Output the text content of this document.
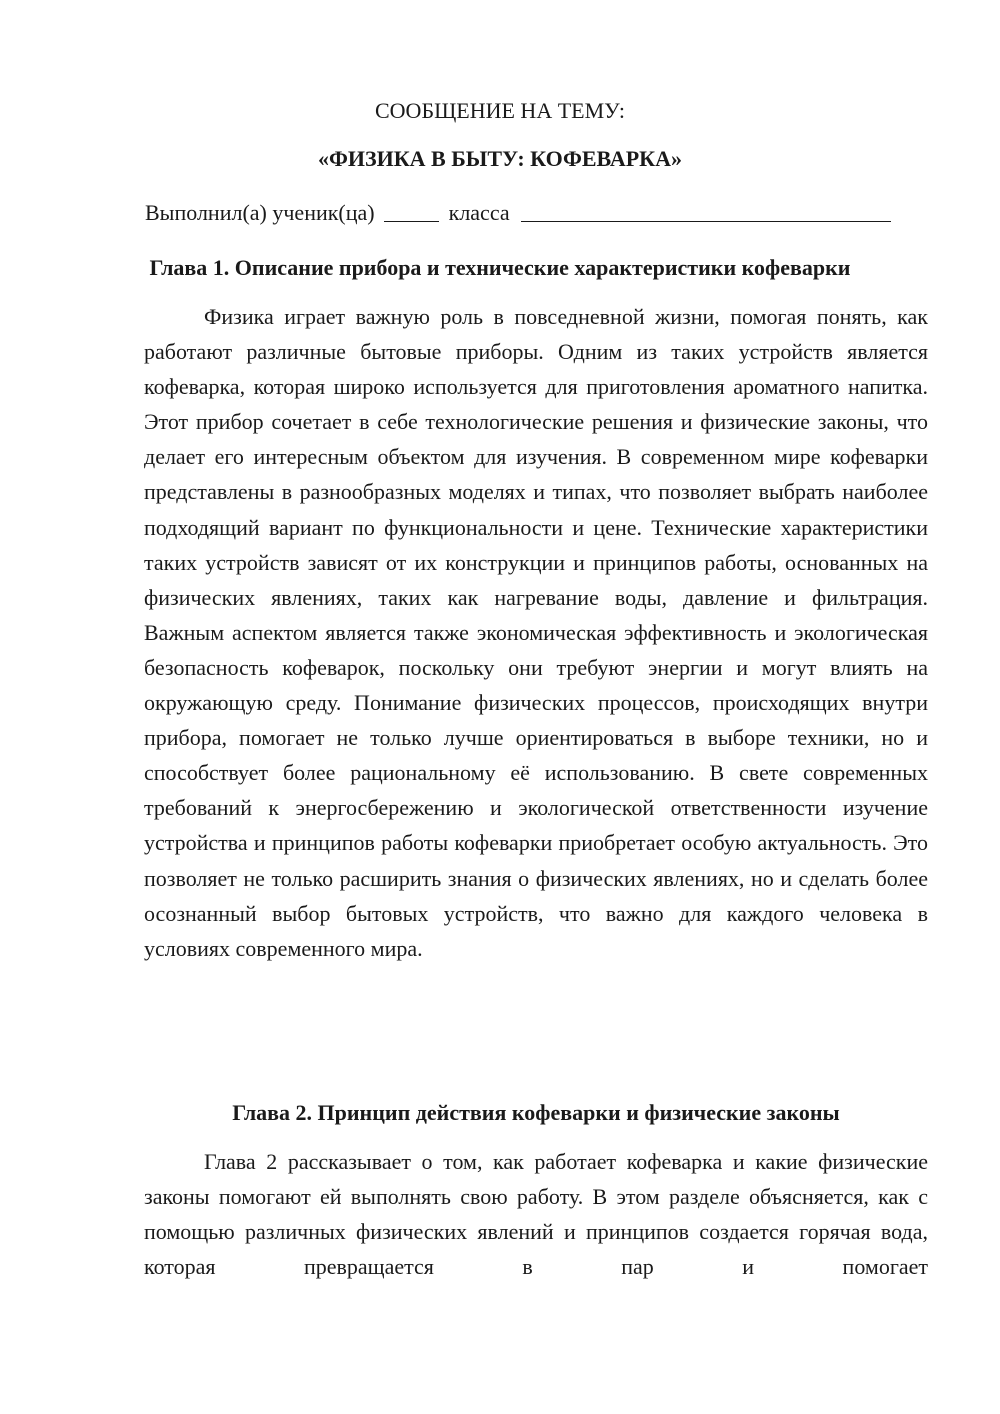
СООБЩЕНИЕ НА ТЕМУ:

«ФИЗИКА В БЫТУ: КОФЕВАРКА»

Выполнил(а) ученик(ца)	класса

Глава 1. Описание прибора и технические характеристики кофеварки

Физика играет важную роль в повседневной жизни, помогая понять, как работают различные бытовые приборы. Одним из таких устройств является кофеварка, которая широко используется для приготовления ароматного напитка. Этот прибор сочетает в себе технологические решения и физические законы, что делает его интересным объектом для изучения. В современном мире кофеварки представлены в разнообразных моделях и типах, что позволяет выбрать наиболее подходящий вариант по функциональности и цене. Технические характеристики таких устройств зависят от их конструкции и принципов работы, основанных на физических явлениях, таких как нагревание воды, давление и фильтрация. Важным аспектом является также экономическая эффективность и экологическая безопасность кофеварок, поскольку они требуют энергии и могут влиять на окружающую среду. Понимание физических процессов, происходящих внутри прибора, помогает не только лучше ориентироваться в выборе техники, но и способствует более рациональному её использованию. В свете современных требований к энергосбережению и экологической ответственности изучение устройства и принципов работы кофеварки приобретает особую актуальность. Это позволяет не только расширить знания о физических явлениях, но и сделать более осознанный выбор бытовых устройств, что важно для каждого человека в условиях современного мира.

Глава 2. Принцип действия кофеварки и физические законы

Глава 2 рассказывает о том, как работает кофеварка и какие физические законы помогают ей выполнять свою работу. В этом разделе объясняется, как с помощью различных физических явлений и принципов создается горячая вода, которая превращается в пар и помогает
